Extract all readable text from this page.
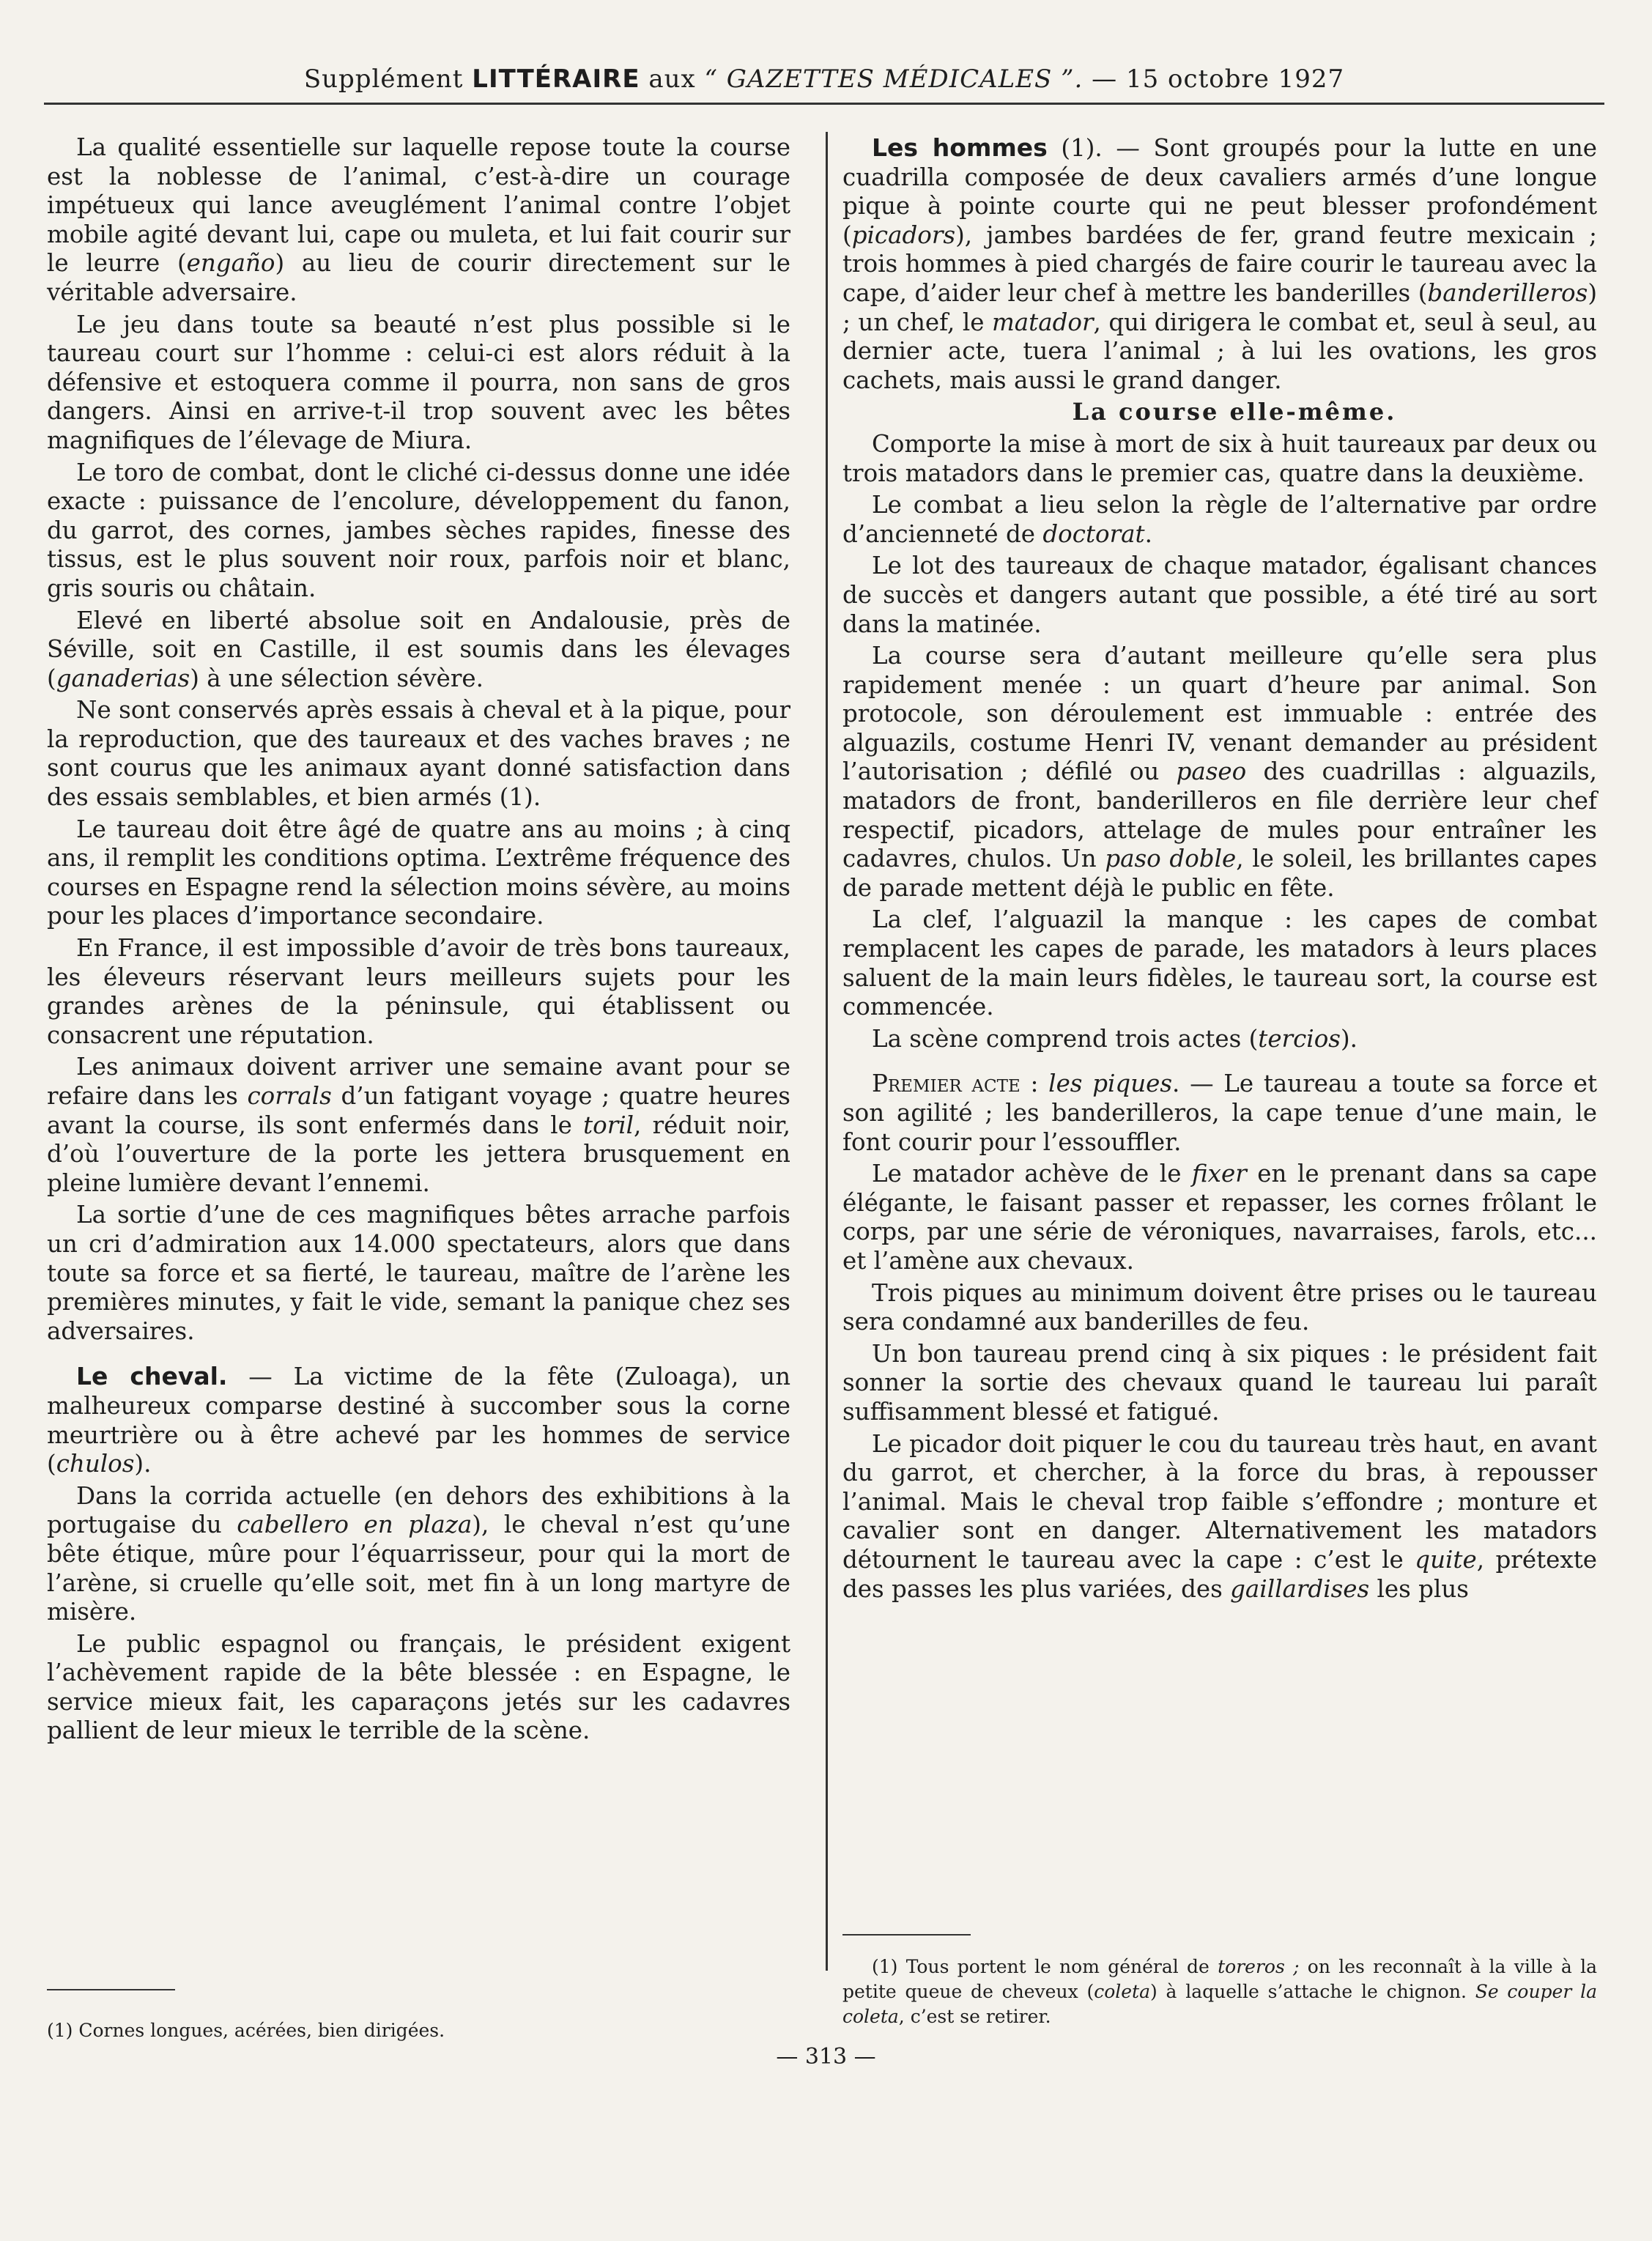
Supplément LITTÉRAIRE aux “ GAZETTES MÉDICALES ”. — 15 octobre 1927

La qualité essentielle sur laquelle repose toute la course est la noblesse de l’animal, c’est-à-dire un courage impétueux qui lance aveuglément l’animal contre l’objet mobile agité devant lui, cape ou muleta, et lui fait courir sur le leurre (engaño) au lieu de courir directement sur le véritable adversaire.

Le jeu dans toute sa beauté n’est plus possible si le taureau court sur l’homme : celui-ci est alors réduit à la défensive et estoquera comme il pourra, non sans de gros dangers. Ainsi en arrive-t-il trop souvent avec les bêtes magnifiques de l’élevage de Miura.

Le toro de combat, dont le cliché ci-dessus donne une idée exacte : puissance de l’encolure, développement du fanon, du garrot, des cornes, jambes sèches rapides, finesse des tissus, est le plus souvent noir roux, parfois noir et blanc, gris souris ou châtain.

Elevé en liberté absolue soit en Andalousie, près de Séville, soit en Castille, il est soumis dans les élevages (ganaderias) à une sélection sévère.

Ne sont conservés après essais à cheval et à la pique, pour la reproduction, que des taureaux et des vaches braves ; ne sont courus que les animaux ayant donné satisfaction dans des essais semblables, et bien armés (1).

Le taureau doit être âgé de quatre ans au moins ; à cinq ans, il remplit les conditions optima. L’extrême fréquence des courses en Espagne rend la sélection moins sévère, au moins pour les places d’importance secondaire.

En France, il est impossible d’avoir de très bons taureaux, les éleveurs réservant leurs meilleurs sujets pour les grandes arènes de la péninsule, qui établissent ou consacrent une réputation.

Les animaux doivent arriver une semaine avant pour se refaire dans les corrals d’un fatigant voyage ; quatre heures avant la course, ils sont enfermés dans le toril, réduit noir, d’où l’ouverture de la porte les jettera brusquement en pleine lumière devant l’ennemi.

La sortie d’une de ces magnifiques bêtes arrache parfois un cri d’admiration aux 14.000 spectateurs, alors que dans toute sa force et sa fierté, le taureau, maître de l’arène les premières minutes, y fait le vide, semant la panique chez ses adversaires.

Le cheval. — La victime de la fête (Zuloaga), un malheureux comparse destiné à succomber sous la corne meurtrière ou à être achevé par les hommes de service (chulos).

Dans la corrida actuelle (en dehors des exhibitions à la portugaise du cabellero en plaza), le cheval n’est qu’une bête étique, mûre pour l’équarrisseur, pour qui la mort de l’arène, si cruelle qu’elle soit, met fin à un long martyre de misère.

Le public espagnol ou français, le président exigent l’achèvement rapide de la bête blessée : en Espagne, le service mieux fait, les caparaçons jetés sur les cadavres pallient de leur mieux le terrible de la scène.

Les hommes (1). — Sont groupés pour la lutte en une cuadrilla composée de deux cavaliers armés d’une longue pique à pointe courte qui ne peut blesser profondément (picadors), jambes bardées de fer, grand feutre mexicain ; trois hommes à pied chargés de faire courir le taureau avec la cape, d’aider leur chef à mettre les banderilles (banderilleros) ; un chef, le matador, qui dirigera le combat et, seul à seul, au dernier acte, tuera l’animal ; à lui les ovations, les gros cachets, mais aussi le grand danger.

La course elle-même.

Comporte la mise à mort de six à huit taureaux par deux ou trois matadors dans le premier cas, quatre dans la deuxième.

Le combat a lieu selon la règle de l’alternative par ordre d’ancienneté de doctorat.

Le lot des taureaux de chaque matador, égalisant chances de succès et dangers autant que possible, a été tiré au sort dans la matinée.

La course sera d’autant meilleure qu’elle sera plus rapidement menée : un quart d’heure par animal. Son protocole, son déroulement est immuable : entrée des alguazils, costume Henri IV, venant demander au président l’autorisation ; défilé ou paseo des cuadrillas : alguazils, matadors de front, banderilleros en file derrière leur chef respectif, picadors, attelage de mules pour entraîner les cadavres, chulos. Un paso doble, le soleil, les brillantes capes de parade mettent déjà le public en fête.

La clef, l’alguazil la manque : les capes de combat remplacent les capes de parade, les matadors à leurs places saluent de la main leurs fidèles, le taureau sort, la course est commencée.

La scène comprend trois actes (tercios).

Premier acte : les piques. — Le taureau a toute sa force et son agilité ; les banderilleros, la cape tenue d’une main, le font courir pour l’essouffler.

Le matador achève de le fixer en le prenant dans sa cape élégante, le faisant passer et repasser, les cornes frôlant le corps, par une série de véroniques, navarraises, farols, etc... et l’amène aux chevaux.

Trois piques au minimum doivent être prises ou le taureau sera condamné aux banderilles de feu.

Un bon taureau prend cinq à six piques : le président fait sonner la sortie des chevaux quand le taureau lui paraît suffisamment blessé et fatigué.

Le picador doit piquer le cou du taureau très haut, en avant du garrot, et chercher, à la force du bras, à repousser l’animal. Mais le cheval trop faible s’effondre ; monture et cavalier sont en danger. Alternativement les matadors détournent le taureau avec la cape : c’est le quite, prétexte des passes les plus variées, des gaillardises les plus

(1) Cornes longues, acérées, bien dirigées.
(1) Tous portent le nom général de toreros ; on les reconnaît à la ville à la petite queue de cheveux (coleta) à laquelle s’attache le chignon. Se couper la coleta, c’est se retirer.
— 313 —
